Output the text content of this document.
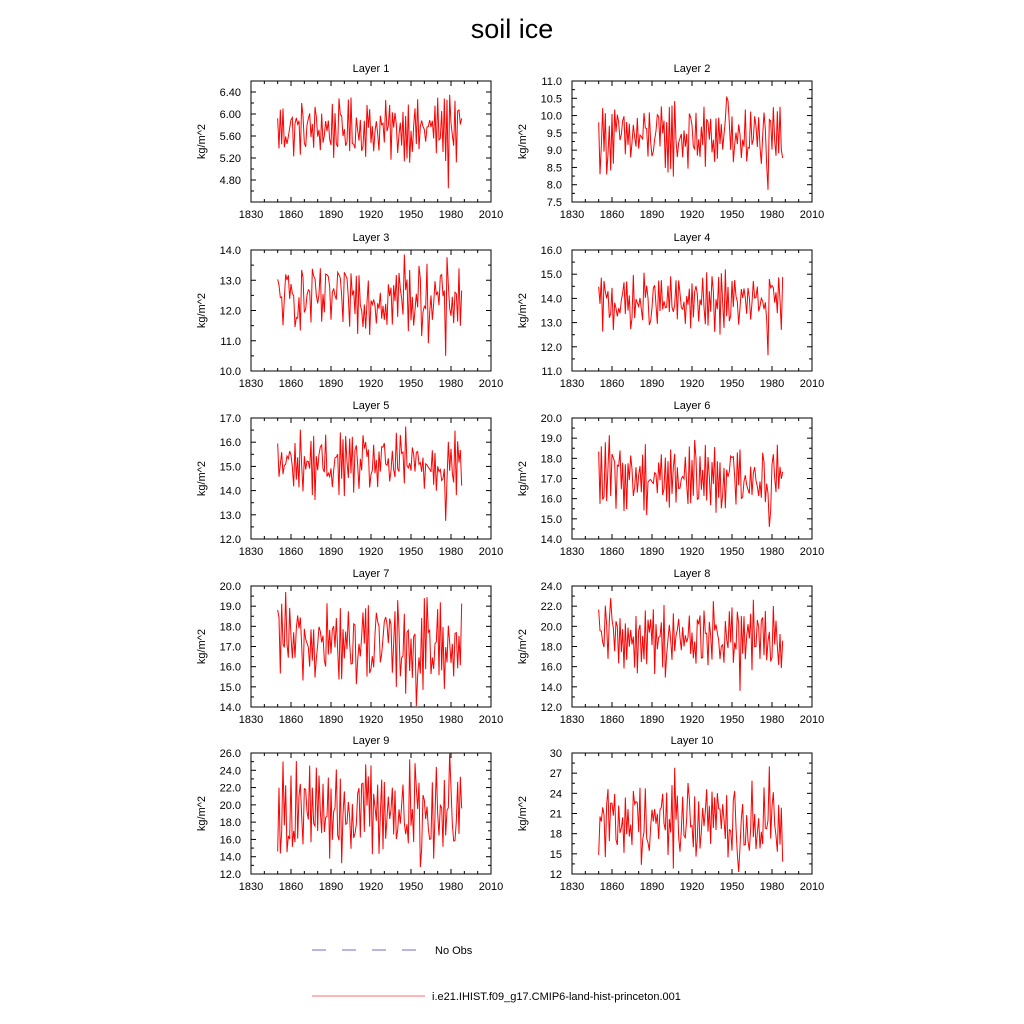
soil ice
Layer 1
1830 1860 1890 1920 1950 1980 2010
4.80
5.20
5.60
6.00
6.40
kg/m^2
Layer 2
1830 1860 1890 1920 1950 1980 2010
7.5
8.0
8.5
9.0
9.5
10.0
10.5
11.0
kg/m^2
Layer 3
1830 1860 1890 1920 1950 1980 2010
10.0
11.0
12.0
13.0
14.0
kg/m^2
Layer 4
1830 1860 1890 1920 1950 1980 2010
11.0
12.0
13.0
14.0
15.0
16.0
kg/m^2
Layer 5
1830 1860 1890 1920 1950 1980 2010
12.0
13.0
14.0
15.0
16.0
17.0
kg/m^2
Layer 6
1830 1860 1890 1920 1950 1980 2010
14.0
15.0
16.0
17.0
18.0
19.0
20.0
kg/m^2
Layer 7
1830 1860 1890 1920 1950 1980 2010
14.0
15.0
16.0
17.0
18.0
19.0
20.0
kg/m^2
Layer 8
1830 1860 1890 1920 1950 1980 2010
12.0
14.0
16.0
18.0
20.0
22.0
24.0
kg/m^2
Layer 9
1830 1860 1890 1920 1950 1980 2010
12.0
14.0
16.0
18.0
20.0
22.0
24.0
26.0
kg/m^2
Layer 10
1830 1860 1890 1920 1950 1980 2010
12
15
18
21
24
27
30
kg/m^2
No Obs
i.e21.IHIST.f09_g17.CMIP6-land-hist-princeton.001
